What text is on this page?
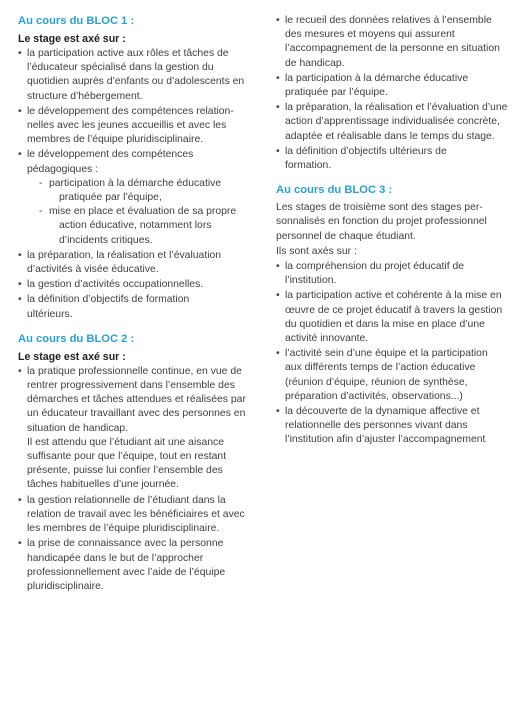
Au cours du BLOC 1 :
Le stage est axé sur :
• la participation active aux rôles et tâches de
l’éducateur spécialisé dans la gestion du
quotidien auprès d’enfants ou d’adolescents en
structure d’hébergement.
• le développement des compétences relation-
nelles avec les jeunes accueillis et avec les
membres de l’équipe pluridisciplinaire.
• le développement des compétences
pédagogiques :
- participation à la démarche éducative
pratiquée par l’équipe,
- mise en place et évaluation de sa propre
action éducative, notamment lors
d’incidents critiques.
• la préparation, la réalisation et l’évaluation
d’activités à visée éducative.
• la gestion d’activités occupationnelles.
• la définition d’objectifs de formation
ultérieurs.
Au cours du BLOC 2 :
Le stage est axé sur :
• la pratique professionnelle continue, en vue de
rentrer progressivement dans l’ensemble des
démarches et tâches attendues et réalisées par
un éducateur travaillant avec des personnes en
situation de handicap.
Il est attendu que l’étudiant ait une aisance
suffisante pour que l’équipe, tout en restant
présente, puisse lui confier l’ensemble des
tâches habituelles d’une journée.
• la gestion relationnelle de l’étudiant dans la
relation de travail avec les bénéficiaires et avec
les membres de l’équipe pluridisciplinaire.
• la prise de connaissance avec la personne
handicapée dans le but de l’approcher
professionnellement avec l’aide de l’équipe
pluridisciplinaire.
• le recueil des données relatives à l’ensemble
des mesures et moyens qui assurent
l’accompagnement de la personne en situation
de handicap.
• la participation à la démarche éducative
pratiquée par l’équipe.
• la préparation, la réalisation et l’évaluation d’une
action d’apprentissage individualisée concrète,
adaptée et réalisable dans le temps du stage.
• la définition d’objectifs ultérieurs de
formation.
Au cours du BLOC 3 :
Les stages de troisième sont des stages per-
sonnalisés en fonction du projet professionnel
personnel de chaque étudiant.
Ils sont axés sur :
• la compréhension du projet éducatif de
l’institution.
• la participation active et cohérente à la mise en
œuvre de ce projet éducatif à travers la gestion
du quotidien et dans la mise en place d’une
activité innovante.
• l’activité sein d’une équipe et la participation
aux différents temps de l’action éducative
(réunion d’équipe, réunion de synthèse,
préparation d’activités, observations...)
• la découverte de la dynamique affective et
relationnelle des personnes vivant dans
l’institution afin d’ajuster l’accompagnement
